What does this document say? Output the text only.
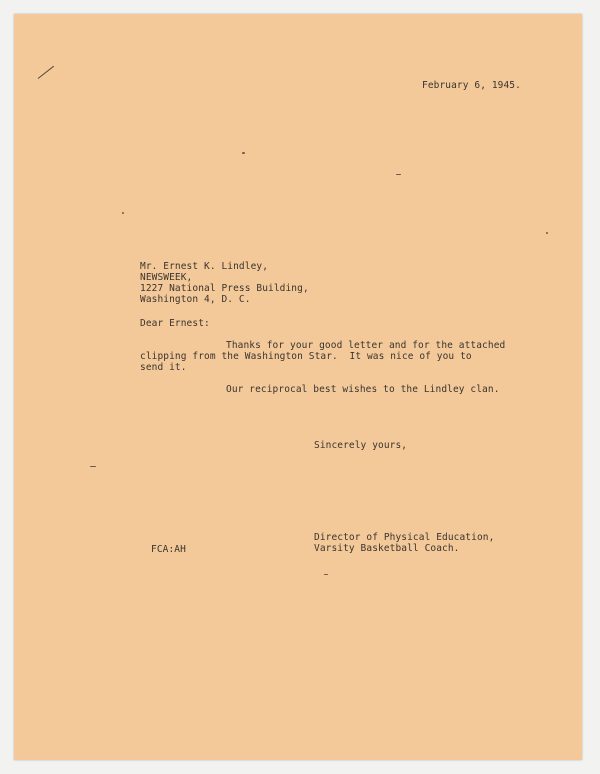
February 6, 1945.
Mr. Ernest K. Lindley,
NEWSWEEK,
1227 National Press Building,
Washington 4, D. C.
Dear Ernest:
Thanks for your good letter and for the attached
clipping from the Washington Star.  It was nice of you to
send it.
Our reciprocal best wishes to the Lindley clan.
Sincerely yours,
Director of Physical Education,
Varsity Basketball Coach.
FCA:AH
